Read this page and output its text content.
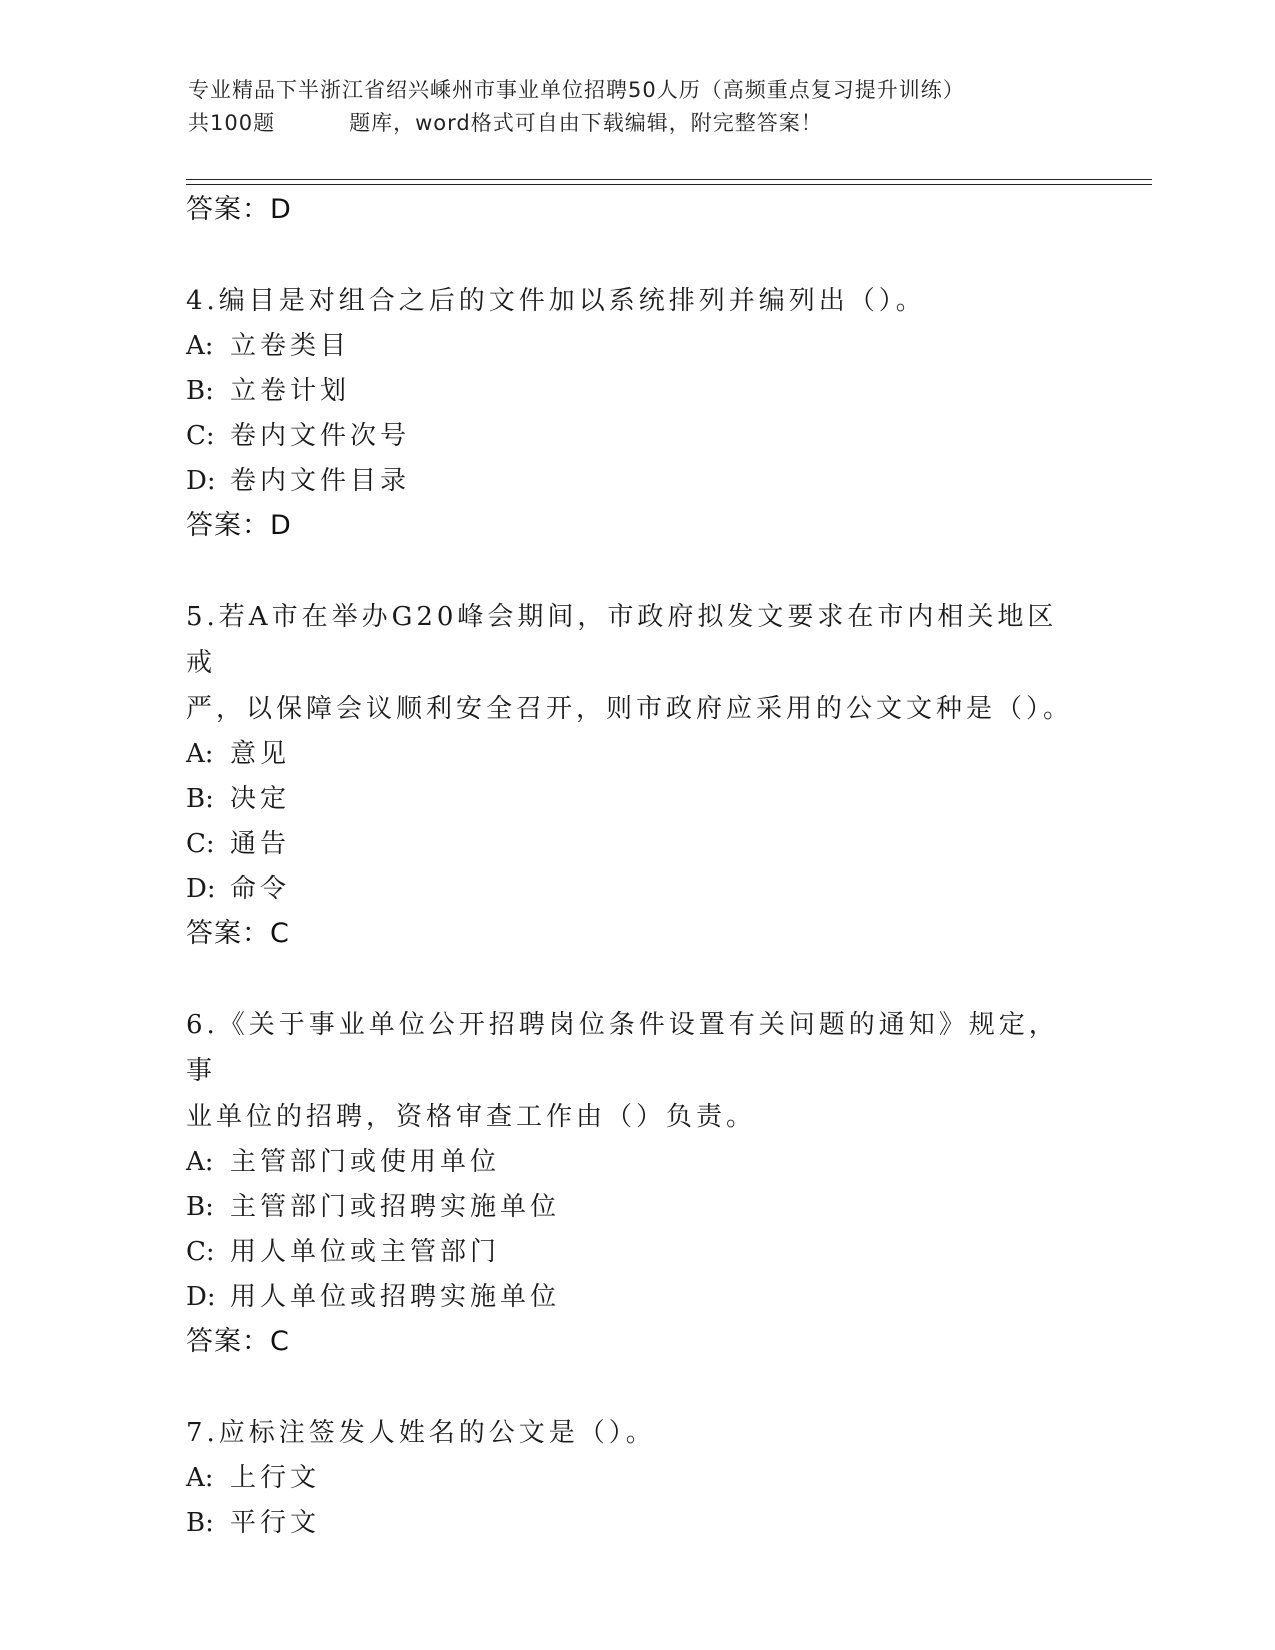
专业精品下半浙江省绍兴嵊州市事业单位招聘50人历（高频重点复习提升训练）
共100题	题库，word格式可自由下载编辑，附完整答案！
答案：D
4.编目是对组合之后的文件加以系统排列并编列出（）。
A: 立卷类目
B: 立卷计划
C: 卷内文件次号
D: 卷内文件目录
答案：D
5.若A市在举办G20峰会期间，市政府拟发文要求在市内相关地区戒
严，以保障会议顺利安全召开，则市政府应采用的公文文种是（）。
A: 意见
B: 决定
C: 通告
D: 命令
答案：C
6.《关于事业单位公开招聘岗位条件设置有关问题的通知》规定，事
业单位的招聘，资格审查工作由（）负责。
A: 主管部门或使用单位
B: 主管部门或招聘实施单位
C: 用人单位或主管部门
D: 用人单位或招聘实施单位
答案：C
7.应标注签发人姓名的公文是（）。
A: 上行文
B: 平行文
